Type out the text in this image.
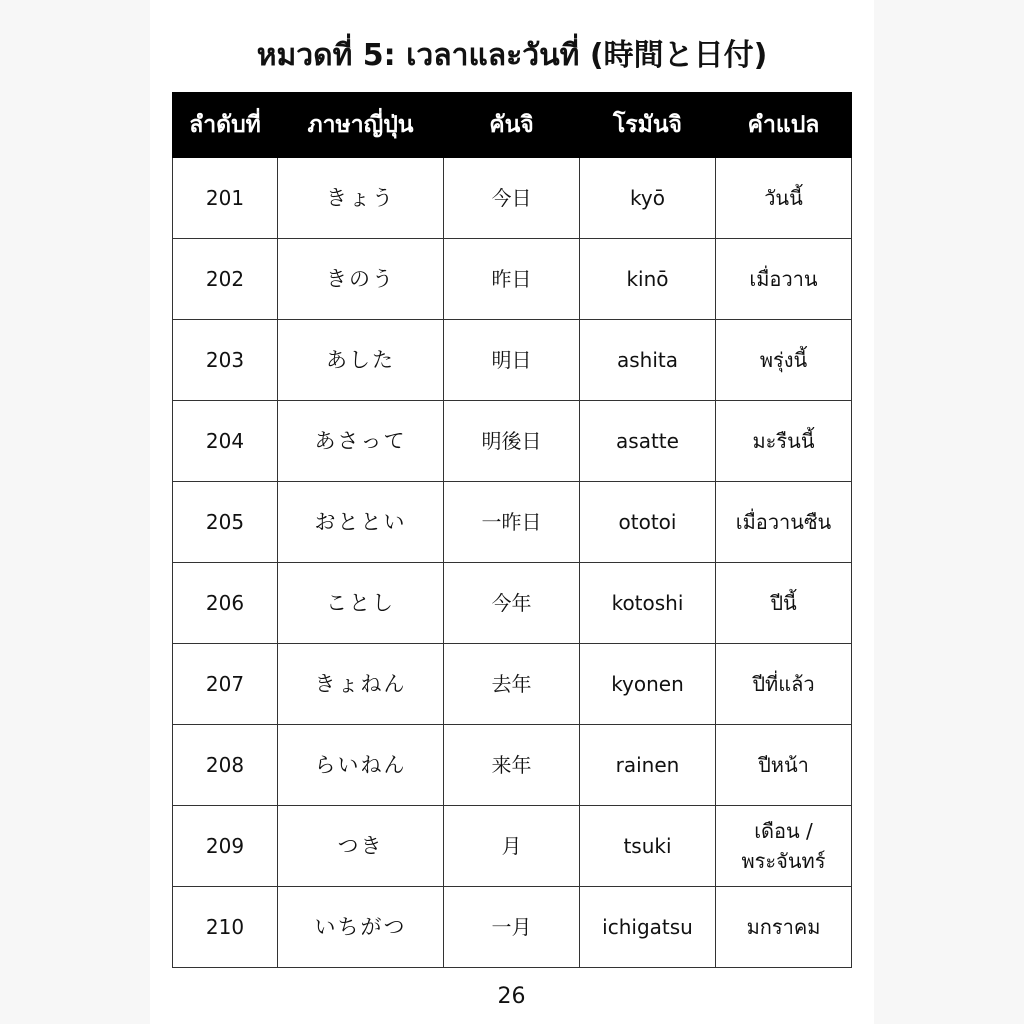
หมวดที่ 5: เวลาและวันที่ (時間と日付)
ลำดับที่	ภาษาญี่ปุ่น	คันจิ	โรมันจิ	คำแปล
201	きょう	今日	kyō	วันนี้
202	きのう	昨日	kinō	เมื่อวาน
203	あした	明日	ashita	พรุ่งนี้
204	あさって	明後日	asatte	มะรืนนี้
205	おととい	一昨日	ototoi	เมื่อวานซืน
206	ことし	今年	kotoshi	ปีนี้
207	きょねん	去年	kyonen	ปีที่แล้ว
208	らいねん	来年	rainen	ปีหน้า
209	つき	月	tsuki	เดือน / พระจันทร์
210	いちがつ	一月	ichigatsu	มกราคม
26
